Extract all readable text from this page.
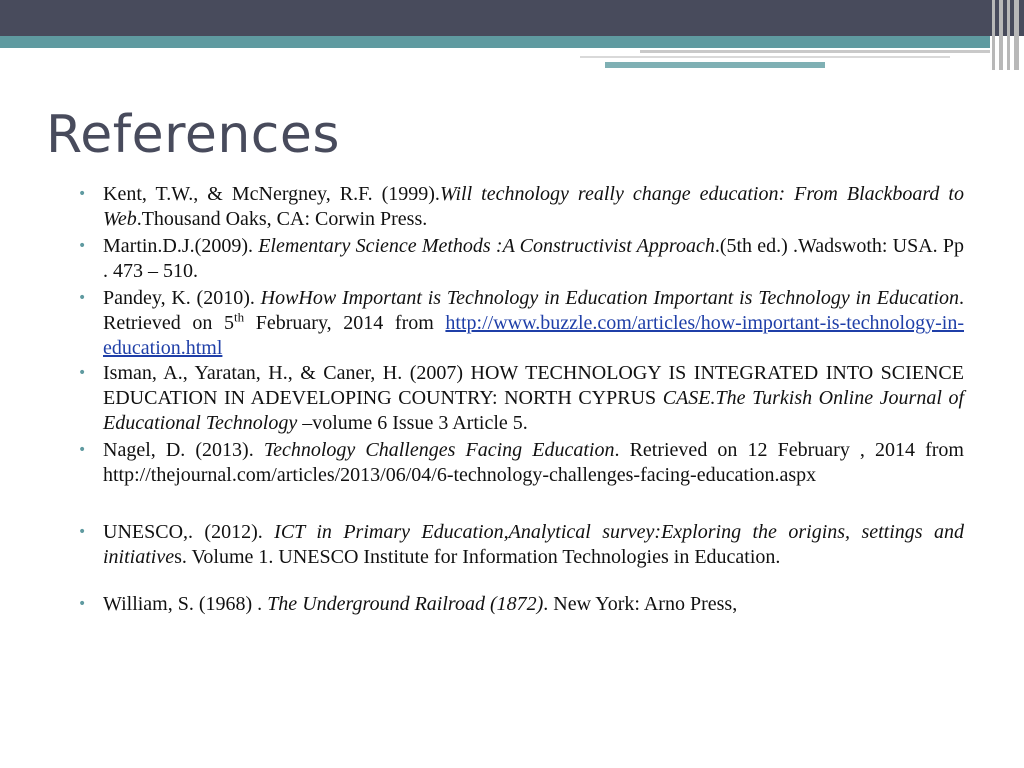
References
• Kent, T.W., & McNergney, R.F. (1999).Will technology really change education: From Blackboard to Web.Thousand Oaks, CA: Corwin Press.
• Martin.D.J.(2009). Elementary Science Methods :A Constructivist Approach.(5th ed.) .Wadswoth: USA. Pp . 473 – 510.
• Pandey, K. (2010). HowHow Important is Technology in Education Important is Technology in Education. Retrieved on 5th February, 2014 from http://www.buzzle.com/articles/how-important-is-technology-in-education.html
• Isman, A., Yaratan, H., & Caner, H. (2007) HOW TECHNOLOGY IS INTEGRATED INTO SCIENCE EDUCATION IN ADEVELOPING COUNTRY: NORTH CYPRUS CASE.The Turkish Online Journal of Educational Technology –volume 6 Issue 3 Article 5.
• Nagel, D. (2013). Technology Challenges Facing Education. Retrieved on 12 February , 2014 from http://thejournal.com/articles/2013/06/04/6-technology-challenges-facing-education.aspx
• UNESCO,. (2012). ICT in Primary Education,Analytical survey:Exploring the origins, settings and initiatives. Volume 1. UNESCO Institute for Information Technologies in Education.
• William, S. (1968) . The Underground Railroad (1872). New York: Arno Press,
